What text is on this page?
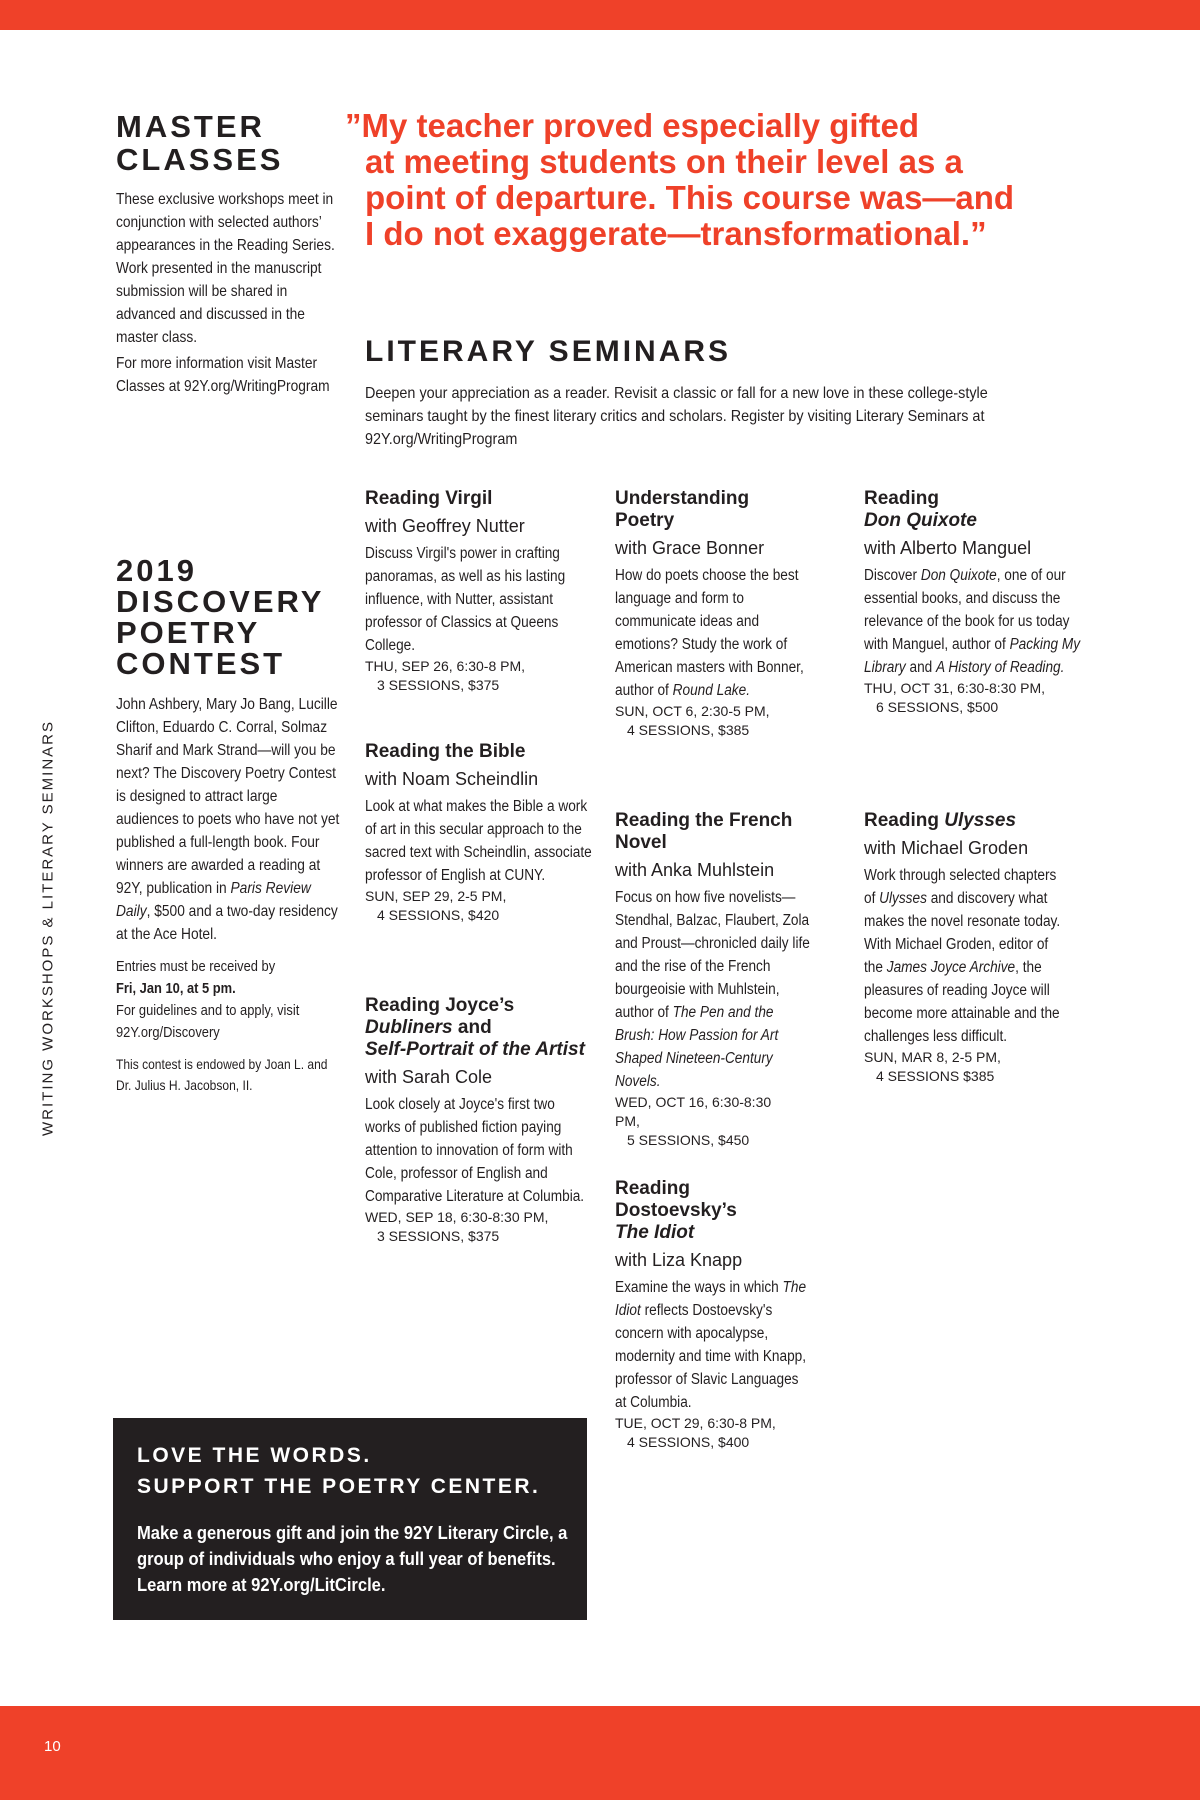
WRITING WORKSHOPS & LITERARY SEMINARS
MASTER
CLASSES
These exclusive workshops meet in conjunction with selected authors’ appearances in the Reading Series. Work presented in the manuscript submission will be shared in advanced and discussed in the master class.
For more information visit Master Classes at 92Y.org/WritingProgram
”My teacher proved especially gifted
at meeting students on their level as a
point of departure. This course was—and
I do not exaggerate—transformational.”
LITERARY SEMINARS
Deepen your appreciation as a reader. Revisit a classic or fall for a new love in these college-style seminars taught by the finest literary critics and scholars. Register by visiting Literary Seminars at 92Y.org/WritingProgram
Reading Virgil
with Geoffrey Nutter
Discuss Virgil's power in crafting panoramas, as well as his lasting influence, with Nutter, assistant professor of Classics at Queens College.
THU, SEP 26, 6:30-8 PM,
3 SESSIONS, $375
Reading the Bible
with Noam Scheindlin
Look at what makes the Bible a work of art in this secular approach to the sacred text with Scheindlin, associate professor of English at CUNY.
SUN, SEP 29, 2-5 PM,
4 SESSIONS, $420
Reading Joyce’s
Dubliners and
Self-Portrait of the Artist
with Sarah Cole
Look closely at Joyce's first two works of published fiction paying attention to innovation of form with Cole, professor of English and Comparative Literature at Columbia.
WED, SEP 18, 6:30-8:30 PM,
3 SESSIONS, $375
Understanding Poetry
with Grace Bonner
How do poets choose the best language and form to communicate ideas and emotions? Study the work of American masters with Bonner, author of Round Lake.
SUN, OCT 6, 2:30-5 PM,
4 SESSIONS, $385
Reading the French Novel
with Anka Muhlstein
Focus on how five novelists—Stendhal, Balzac, Flaubert, Zola and Proust—chronicled daily life and the rise of the French bourgeoisie with Muhlstein, author of The Pen and the Brush: How Passion for Art Shaped Nineteen-Century Novels.
WED, OCT 16, 6:30-8:30 PM,
5 SESSIONS, $450
Reading Dostoevsky’s
The Idiot
with Liza Knapp
Examine the ways in which The Idiot reflects Dostoevsky's concern with apocalypse, modernity and time with Knapp, professor of Slavic Languages at Columbia.
TUE, OCT 29, 6:30-8 PM,
4 SESSIONS, $400
Reading
Don Quixote
with Alberto Manguel
Discover Don Quixote, one of our essential books, and discuss the relevance of the book for us today with Manguel, author of Packing My Library and A History of Reading.
THU, OCT 31, 6:30-8:30 PM,
6 SESSIONS, $500
Reading Ulysses
with Michael Groden
Work through selected chapters of Ulysses and discovery what makes the novel resonate today. With Michael Groden, editor of the James Joyce Archive, the pleasures of reading Joyce will become more attainable and the challenges less difficult.
SUN, MAR 8, 2-5 PM,
4 SESSIONS $385
2019
DISCOVERY
POETRY
CONTEST
John Ashbery, Mary Jo Bang, Lucille Clifton, Eduardo C. Corral, Solmaz Sharif and Mark Strand—will you be next? The Discovery Poetry Contest is designed to attract large audiences to poets who have not yet published a full-length book. Four winners are awarded a reading at 92Y, publication in Paris Review Daily, $500 and a two-day residency at the Ace Hotel.
Entries must be received by
Fri, Jan 10, at 5 pm.
For guidelines and to apply, visit 92Y.org/Discovery
This contest is endowed by Joan L. and Dr. Julius H. Jacobson, II.
LOVE THE WORDS.
SUPPORT THE POETRY CENTER.
Make a generous gift and join the 92Y Literary Circle, a group of individuals who enjoy a full year of benefits. Learn more at 92Y.org/LitCircle.
10
